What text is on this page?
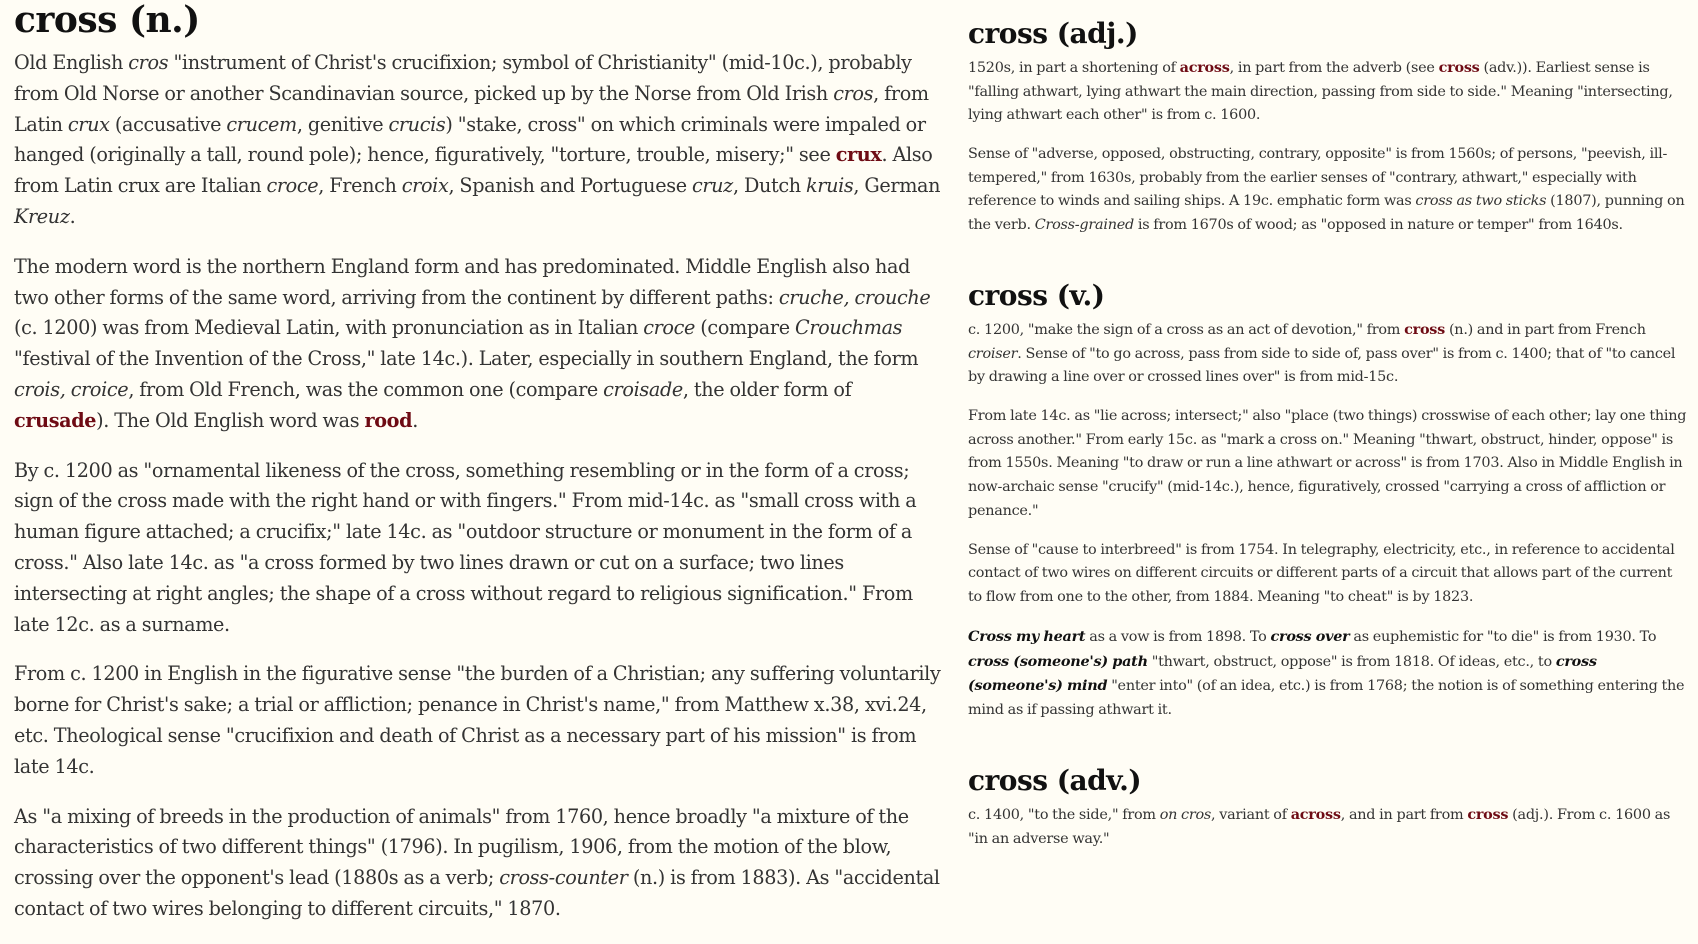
cross (n.)

Old English cros "instrument of Christ's crucifixion; symbol of Christianity" (mid-10c.), probably from Old Norse or another Scandinavian source, picked up by the Norse from Old Irish cros, from Latin crux (accusative crucem, genitive crucis) "stake, cross" on which criminals were impaled or hanged (originally a tall, round pole); hence, figuratively, "torture, trouble, misery;" see crux. Also from Latin crux are Italian croce, French croix, Spanish and Portuguese cruz, Dutch kruis, German Kreuz.

The modern word is the northern England form and has predominated. Middle English also had two other forms of the same word, arriving from the continent by different paths: cruche, crouche (c. 1200) was from Medieval Latin, with pronunciation as in Italian croce (compare Crouchmas "festival of the Invention of the Cross," late 14c.). Later, especially in southern England, the form crois, croice, from Old French, was the common one (compare croisade, the older form of crusade). The Old English word was rood.

By c. 1200 as "ornamental likeness of the cross, something resembling or in the form of a cross; sign of the cross made with the right hand or with fingers." From mid-14c. as "small cross with a human figure attached; a crucifix;" late 14c. as "outdoor structure or monument in the form of a cross." Also late 14c. as "a cross formed by two lines drawn or cut on a surface; two lines intersecting at right angles; the shape of a cross without regard to religious signification." From late 12c. as a surname.

From c. 1200 in English in the figurative sense "the burden of a Christian; any suffering voluntarily borne for Christ's sake; a trial or affliction; penance in Christ's name," from Matthew x.38, xvi.24, etc. Theological sense "crucifixion and death of Christ as a necessary part of his mission" is from late 14c.

As "a mixing of breeds in the production of animals" from 1760, hence broadly "a mixture of the characteristics of two different things" (1796). In pugilism, 1906, from the motion of the blow, crossing over the opponent's lead (1880s as a verb; cross-counter (n.) is from 1883). As "accidental contact of two wires belonging to different circuits," 1870.

cross (adj.)

1520s, in part a shortening of across, in part from the adverb (see cross (adv.)). Earliest sense is "falling athwart, lying athwart the main direction, passing from side to side." Meaning "intersecting, lying athwart each other" is from c. 1600.

Sense of "adverse, opposed, obstructing, contrary, opposite" is from 1560s; of persons, "peevish, ill-tempered," from 1630s, probably from the earlier senses of "contrary, athwart," especially with reference to winds and sailing ships. A 19c. emphatic form was cross as two sticks (1807), punning on the verb. Cross-grained is from 1670s of wood; as "opposed in nature or temper" from 1640s.

cross (v.)

c. 1200, "make the sign of a cross as an act of devotion," from cross (n.) and in part from French croiser. Sense of "to go across, pass from side to side of, pass over" is from c. 1400; that of "to cancel by drawing a line over or crossed lines over" is from mid-15c.

From late 14c. as "lie across; intersect;" also "place (two things) crosswise of each other; lay one thing across another." From early 15c. as "mark a cross on." Meaning "thwart, obstruct, hinder, oppose" is from 1550s. Meaning "to draw or run a line athwart or across" is from 1703. Also in Middle English in now-archaic sense "crucify" (mid-14c.), hence, figuratively, crossed "carrying a cross of affliction or penance."

Sense of "cause to interbreed" is from 1754. In telegraphy, electricity, etc., in reference to accidental contact of two wires on different circuits or different parts of a circuit that allows part of the current to flow from one to the other, from 1884. Meaning "to cheat" is by 1823.

Cross my heart as a vow is from 1898. To cross over as euphemistic for "to die" is from 1930. To cross (someone's) path "thwart, obstruct, oppose" is from 1818. Of ideas, etc., to cross (someone's) mind "enter into" (of an idea, etc.) is from 1768; the notion is of something entering the mind as if passing athwart it.

cross (adv.)

c. 1400, "to the side," from on cros, variant of across, and in part from cross (adj.). From c. 1600 as "in an adverse way."
